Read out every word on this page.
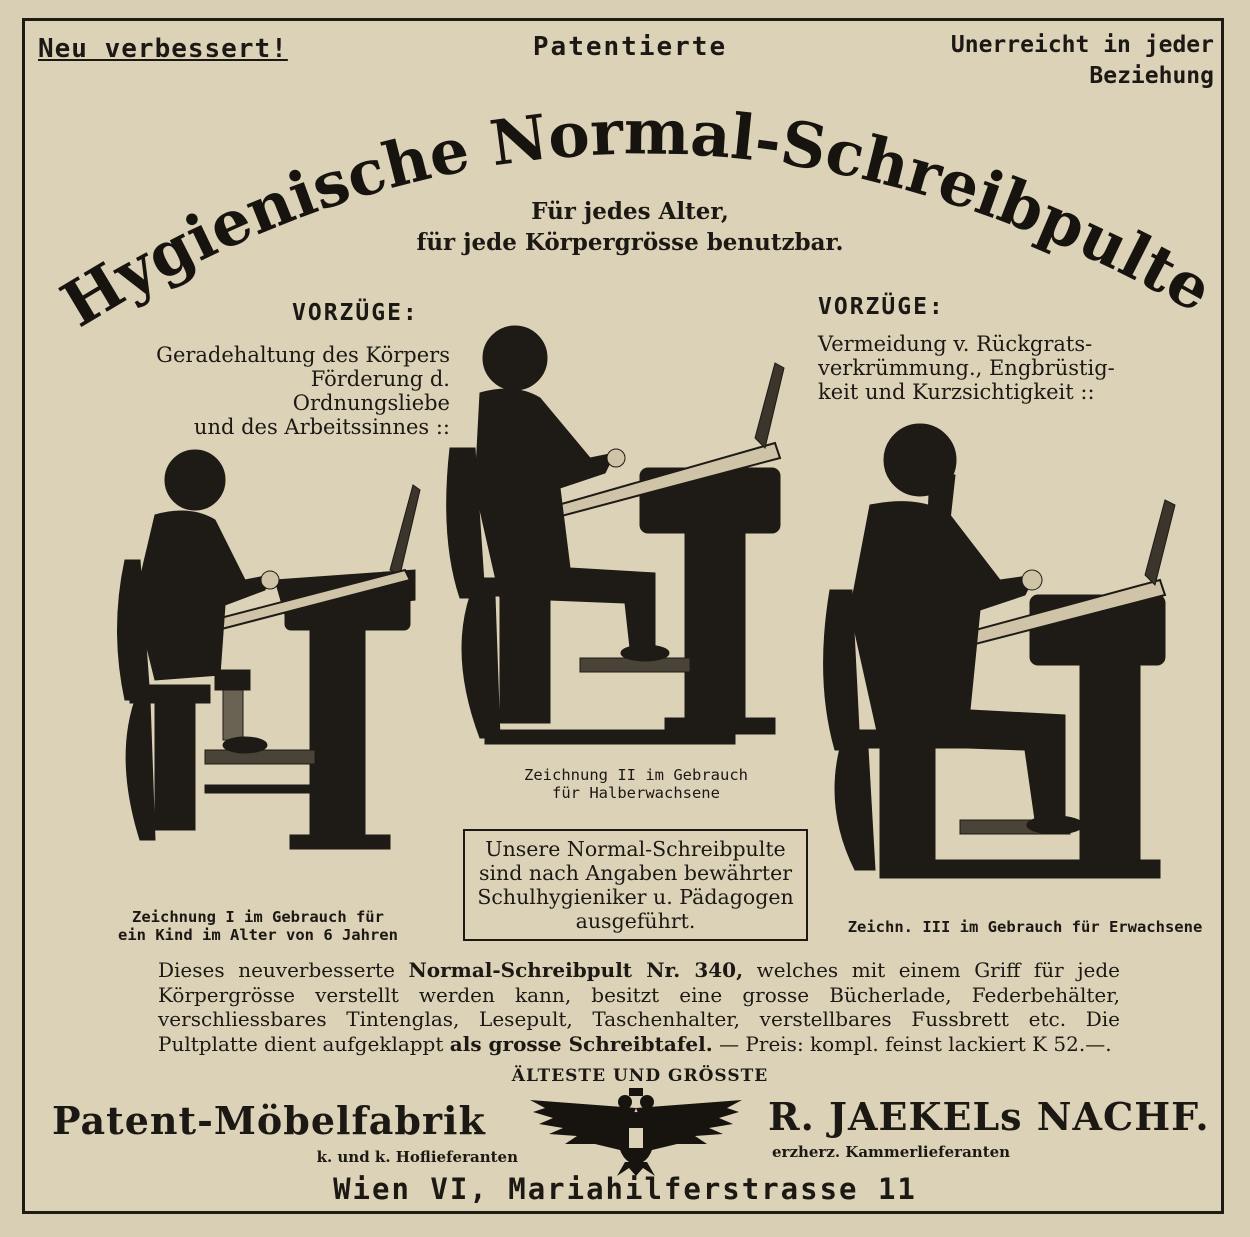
Neu verbessert!	Patentierte	Unerreicht in jeder
Beziehung
Hygienische Normal-Schreibpulte
Für jedes Alter,
für jede Körpergrösse benutzbar.
VORZÜGE:
Geradehaltung des Körpers
Förderung d. Ordnungsliebe
und des Arbeitssinnes ::
VORZÜGE:
Vermeidung v. Rückgrats-
verkrümmung., Engbrüstig-
keit und Kurzsichtigkeit ::
Zeichnung II im Gebrauch
für Halberwachsene
Zeichnung I im Gebrauch für
ein Kind im Alter von 6 Jahren	Zeichn. III im Gebrauch für Erwachsene
Unsere Normal-Schreibpulte
sind nach Angaben bewährter
Schulhygieniker u. Pädagogen
ausgeführt.
Dieses neuverbesserte Normal-Schreibpult Nr. 340, welches mit einem Griff für jede Körpergrösse verstellt werden kann, besitzt eine grosse Bücherlade, Federbehälter, verschliessbares Tintenglas, Lesepult, Taschenhalter, verstellbares Fussbrett etc. Die Pultplatte dient aufgeklappt als grosse Schreibtafel. — Preis: kompl. feinst lackiert K 52.—.
ÄLTESTE UND GRÖSSTE
Patent-Möbelfabrik	R. JAEKELs NACHF.
k. und k. Hoflieferanten	erzherz. Kammerlieferanten
Wien VI, Mariahilferstrasse 11
